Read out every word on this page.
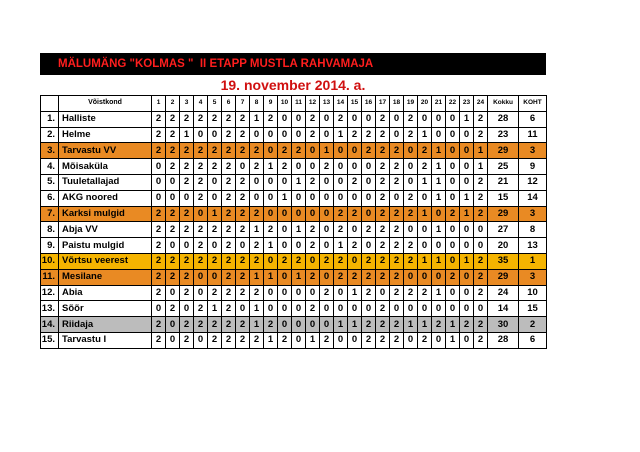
MÄLUMÄNG "KOLMAS "  II ETAPP MUSTLA RAHVAMAJA
19. november 2014. a.
	Võistkond	1	2	3	4	5	6	7	8	9	10	11	12	13	14	15	16	17	18	19	20	21	22	23	24	Kokku	KOHT
1.	Halliste	2	2	2	2	2	2	2	1	2	0	0	2	0	2	0	0	2	0	2	0	0	0	1	2	28	6
2.	Helme	2	2	1	0	0	2	2	0	0	0	0	2	0	1	2	2	2	0	2	1	0	0	0	2	23	11
3.	Tarvastu VV	2	2	2	2	2	2	2	2	0	2	2	0	1	0	0	2	2	2	0	2	1	0	0	1	29	3
4.	Mõisaküla	0	2	2	2	2	2	0	2	1	2	0	0	2	0	0	0	2	2	0	2	1	0	0	1	25	9
5.	Tuuletallajad	0	0	2	2	0	2	2	0	0	0	1	2	0	0	2	0	2	2	0	1	1	0	0	2	21	12
6.	AKG noored	0	0	0	2	0	2	2	0	0	1	0	0	0	0	0	0	2	0	2	0	1	0	1	2	15	14
7.	Karksi mulgid	2	2	2	0	1	2	2	2	0	0	0	0	0	2	2	0	2	2	2	1	0	2	1	2	29	3
8.	Abja VV	2	2	2	2	2	2	2	1	2	0	1	2	0	2	0	2	2	2	0	0	1	0	0	0	27	8
9.	Paistu mulgid	2	0	0	2	0	2	0	2	1	0	0	2	0	1	2	0	2	2	2	0	0	0	0	0	20	13
10.	Võrtsu veerest	2	2	2	2	2	2	2	2	0	2	2	0	2	2	0	2	2	2	2	1	1	0	1	2	35	1
11.	Mesilane	2	2	2	0	0	2	2	1	1	0	1	2	0	2	2	2	2	2	0	0	0	2	0	2	29	3
12.	Abia	2	0	2	0	2	2	2	2	0	0	0	0	2	0	1	2	0	2	2	2	1	0	0	2	24	10
13.	Sõõr	0	2	0	2	1	2	0	1	0	0	0	2	0	0	0	0	2	0	0	0	0	0	0	0	14	15
14.	Riidaja	2	0	2	2	2	2	2	1	2	0	0	0	0	1	1	2	2	2	1	1	2	1	2	2	30	2
15.	Tarvastu I	2	0	2	0	2	2	2	2	1	2	0	1	2	0	0	2	2	2	0	2	0	1	0	2	28	6
